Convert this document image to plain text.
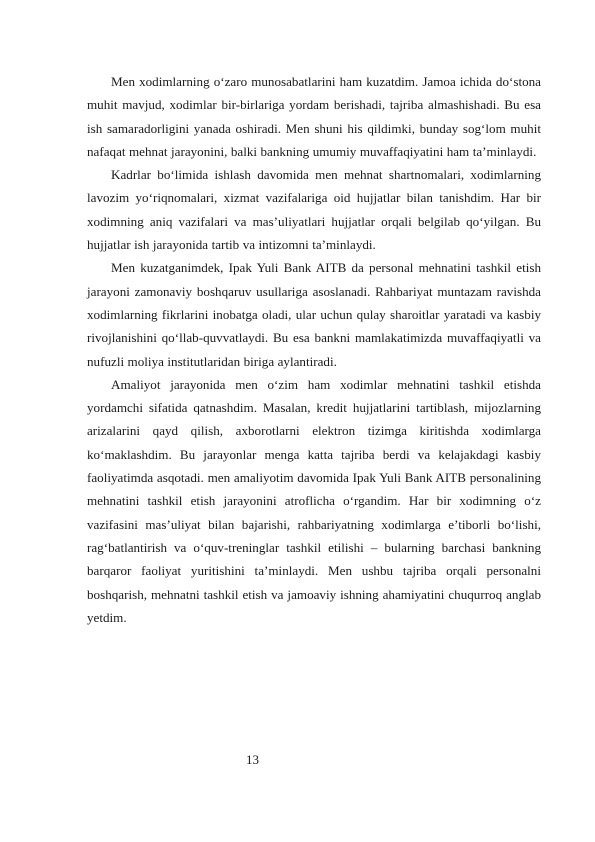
Men xodimlarning o‘zaro munosabatlarini ham kuzatdim. Jamoa ichida do‘stona muhit mavjud, xodimlar bir-birlariga yordam berishadi, tajriba almashishadi. Bu esa ish samaradorligini yanada oshiradi. Men shuni his qildimki, bunday sog‘lom muhit nafaqat mehnat jarayonini, balki bankning umumiy muvaffaqiyatini ham ta’minlaydi.

Kadrlar bo‘limida ishlash davomida men mehnat shartnomalari, xodimlarning lavozim yo‘riqnomalari, xizmat vazifalariga oid hujjatlar bilan tanishdim. Har bir xodimning aniq vazifalari va mas’uliyatlari hujjatlar orqali belgilab qo‘yilgan. Bu hujjatlar ish jarayonida tartib va intizomni ta’minlaydi.

Men kuzatganimdek, Ipak Yuli Bank AITB da personal mehnatini tashkil etish jarayoni zamonaviy boshqaruv usullariga asoslanadi. Rahbariyat muntazam ravishda xodimlarning fikrlarini inobatga oladi, ular uchun qulay sharoitlar yaratadi va kasbiy rivojlanishini qo‘llab-quvvatlaydi. Bu esa bankni mamlakatimizda muvaffaqiyatli va nufuzli moliya institutlaridan biriga aylantiradi.

Amaliyot jarayonida men o‘zim ham xodimlar mehnatini tashkil etishda yordamchi sifatida qatnashdim. Masalan, kredit hujjatlarini tartiblash, mijozlarning arizalarini qayd qilish, axborotlarni elektron tizimga kiritishda xodimlarga ko‘maklashdim. Bu jarayonlar menga katta tajriba berdi va kelajakdagi kasbiy faoliyatimda asqotadi. men amaliyotim davomida Ipak Yuli Bank AITB personalining mehnatini tashkil etish jarayonini atroflicha o‘rgandim. Har bir xodimning o‘z vazifasini mas’uliyat bilan bajarishi, rahbariyatning xodimlarga e’tiborli bo‘lishi, rag‘batlantirish va o‘quv-treninglar tashkil etilishi – bularning barchasi bankning barqaror faoliyat yuritishini ta’minlaydi. Men ushbu tajriba orqali personalni boshqarish, mehnatni tashkil etish va jamoaviy ishning ahamiyatini chuqurroq anglab yetdim.

13
